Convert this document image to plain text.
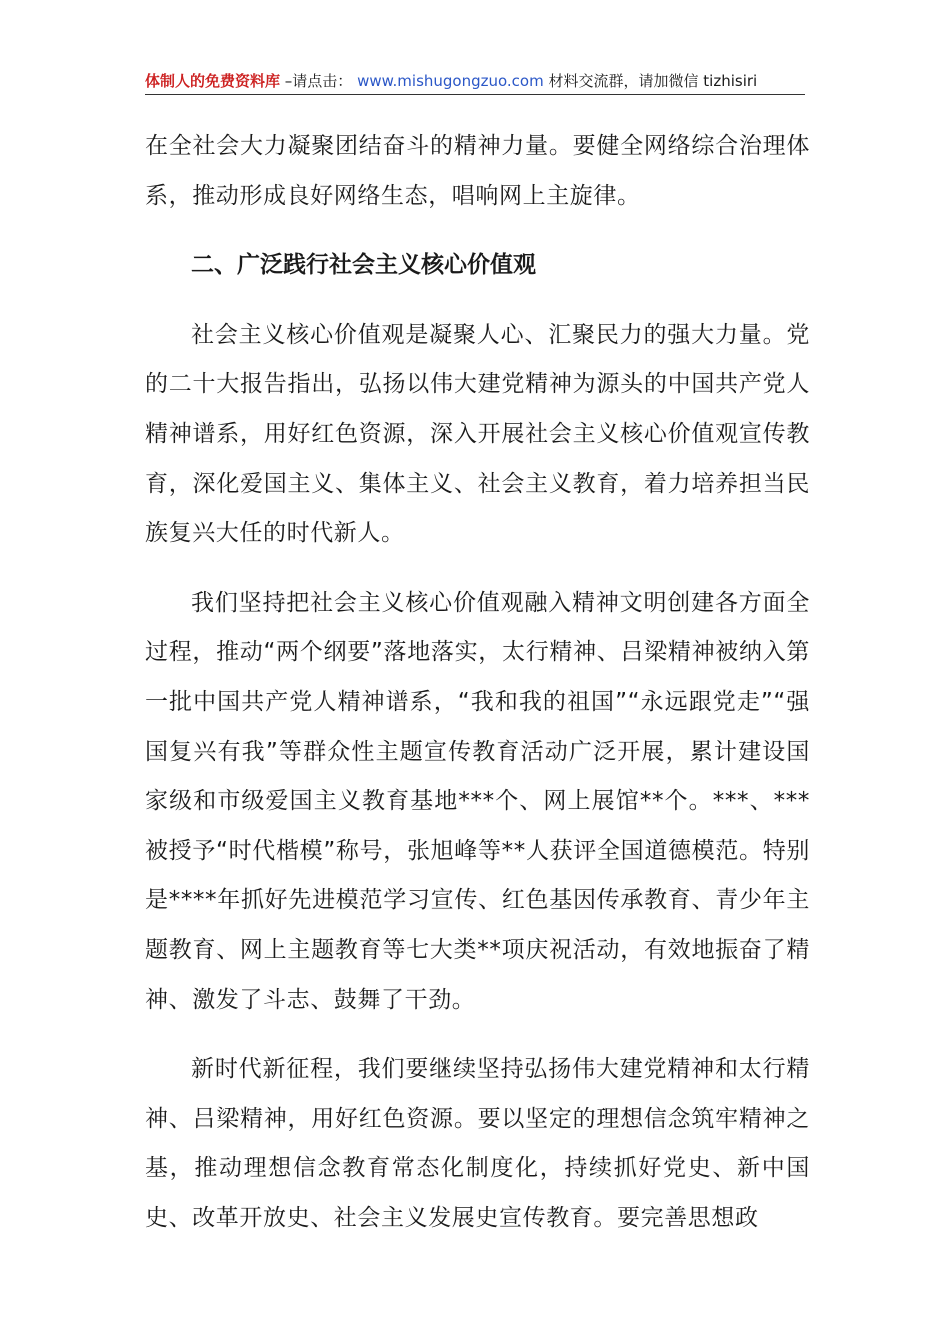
体制人的免费资料库 –请点击： www.mishugongzuo.com 材料交流群，请加微信 tizhisiri

在全社会大力凝聚团结奋斗的精神力量。要健全网络综合治理体系，推动形成良好网络生态，唱响网上主旋律。

二、广泛践行社会主义核心价值观

社会主义核心价值观是凝聚人心、汇聚民力的强大力量。党的二十大报告指出，弘扬以伟大建党精神为源头的中国共产党人精神谱系，用好红色资源，深入开展社会主义核心价值观宣传教育，深化爱国主义、集体主义、社会主义教育，着力培养担当民族复兴大任的时代新人。

我们坚持把社会主义核心价值观融入精神文明创建各方面全过程，推动“两个纲要”落地落实，太行精神、吕梁精神被纳入第一批中国共产党人精神谱系，“我和我的祖国”“永远跟党走”“强国复兴有我”等群众性主题宣传教育活动广泛开展，累计建设国家级和市级爱国主义教育基地***个、网上展馆**个。***、***被授予“时代楷模”称号，张旭峰等**人获评全国道德模范。特别是****年抓好先进模范学习宣传、红色基因传承教育、青少年主题教育、网上主题教育等七大类**项庆祝活动，有效地振奋了精神、激发了斗志、鼓舞了干劲。

新时代新征程，我们要继续坚持弘扬伟大建党精神和太行精神、吕梁精神，用好红色资源。要以坚定的理想信念筑牢精神之基，推动理想信念教育常态化制度化，持续抓好党史、新中国史、改革开放史、社会主义发展史宣传教育。要完善思想政
